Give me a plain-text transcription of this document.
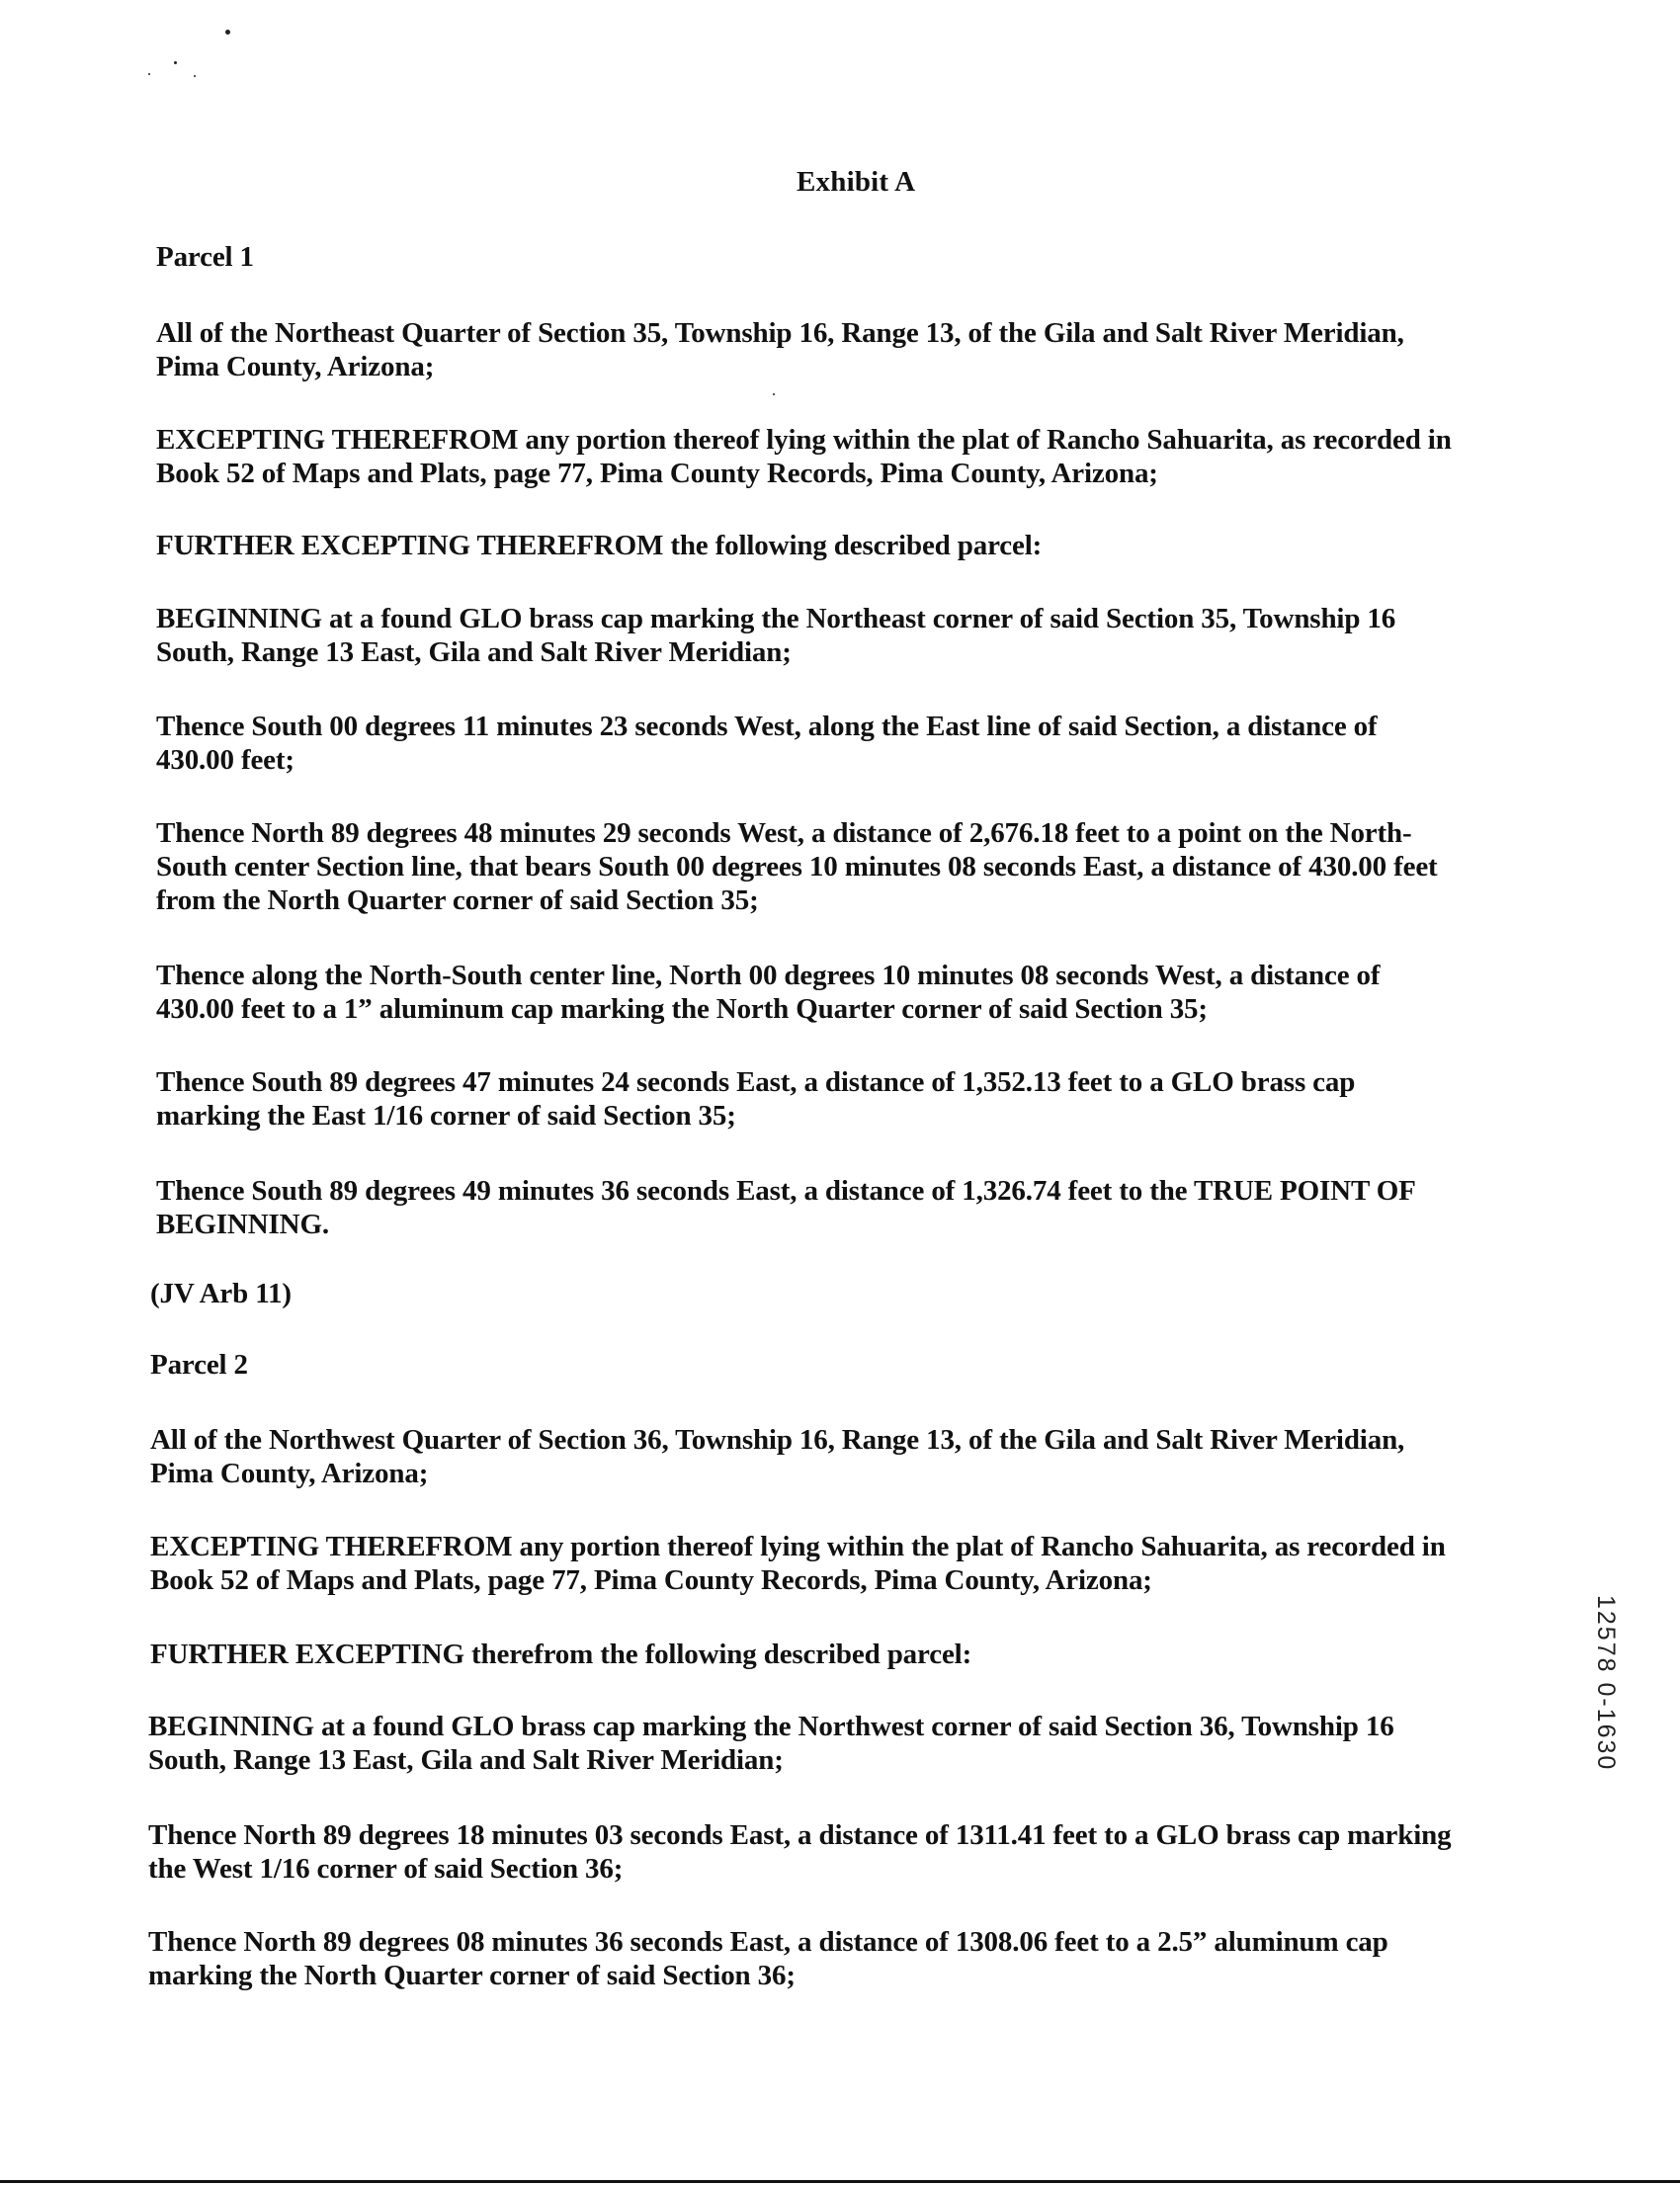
Exhibit A
Parcel 1
All of the Northeast Quarter of Section 35, Township 16, Range 13, of the Gila and Salt River Meridian,
Pima County, Arizona;
EXCEPTING THEREFROM any portion thereof lying within the plat of Rancho Sahuarita, as recorded in
Book 52 of Maps and Plats, page 77, Pima County Records, Pima County, Arizona;
FURTHER EXCEPTING THEREFROM the following described parcel:
BEGINNING at a found GLO brass cap marking the Northeast corner of said Section 35, Township 16
South, Range 13 East, Gila and Salt River Meridian;
Thence South 00 degrees 11 minutes 23 seconds West, along the East line of said Section, a distance of
430.00 feet;
Thence North 89 degrees 48 minutes 29 seconds West, a distance of 2,676.18 feet to a point on the North-
South center Section line, that bears South 00 degrees 10 minutes 08 seconds East, a distance of 430.00 feet
from the North Quarter corner of said Section 35;
Thence along the North-South center line, North 00 degrees 10 minutes 08 seconds West, a distance of
430.00 feet to a 1” aluminum cap marking the North Quarter corner of said Section 35;
Thence South 89 degrees 47 minutes 24 seconds East, a distance of 1,352.13 feet to a GLO brass cap
marking the East 1/16 corner of said Section 35;
Thence South 89 degrees 49 minutes 36 seconds East, a distance of 1,326.74 feet to the TRUE POINT OF
BEGINNING.
(JV Arb 11)
Parcel 2
All of the Northwest Quarter of Section 36, Township 16, Range 13, of the Gila and Salt River Meridian,
Pima County, Arizona;
EXCEPTING THEREFROM any portion thereof lying within the plat of Rancho Sahuarita, as recorded in
Book 52 of Maps and Plats, page 77, Pima County Records, Pima County, Arizona;
FURTHER EXCEPTING therefrom the following described parcel:
BEGINNING at a found GLO brass cap marking the Northwest corner of said Section 36, Township 16
South, Range 13 East, Gila and Salt River Meridian;
Thence North 89 degrees 18 minutes 03 seconds East, a distance of 1311.41 feet to a GLO brass cap marking
the West 1/16 corner of said Section 36;
Thence North 89 degrees 08 minutes 36 seconds East, a distance of 1308.06 feet to a 2.5” aluminum cap
marking the North Quarter corner of said Section 36;
12578 0-1630
